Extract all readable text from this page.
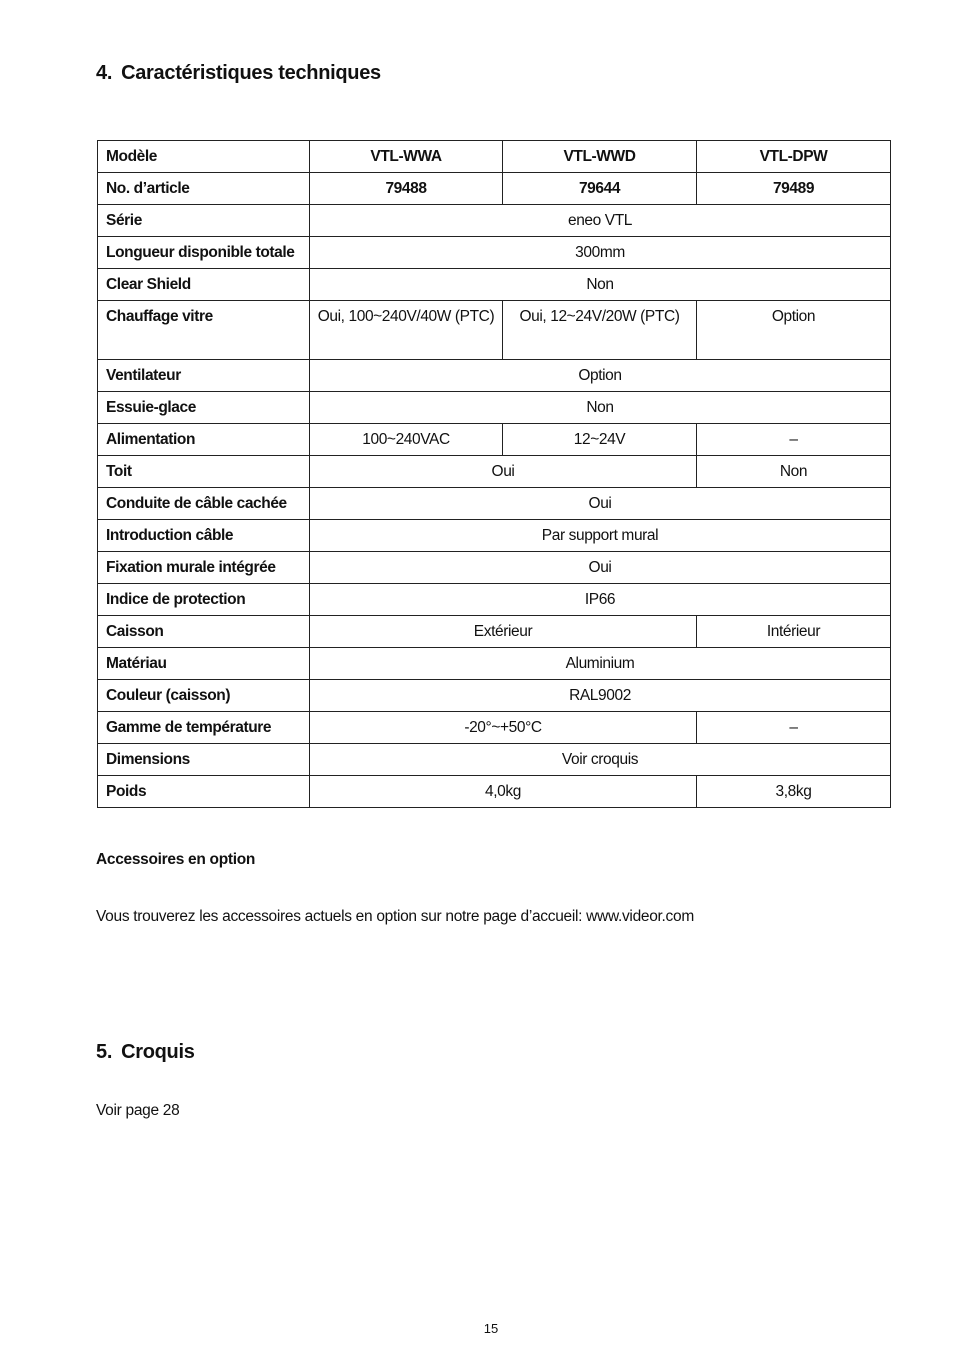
4. Caractéristiques techniques
Modèle	VTL-WWA	VTL-WWD	VTL-DPW
No. d’article	79488	79644	79489
Série	eneo VTL		
Longueur disponible totale	300mm		
Clear Shield	Non		
Chauffage vitre	Oui, 100~240V/40W (PTC)	Oui, 12~24V/20W (PTC)	Option
Ventilateur	Option		
Essuie-glace	Non		
Alimentation	100~240VAC	12~24V	–
Toit	Oui		Non
Conduite de câble cachée	Oui		
Introduction câble	Par support mural		
Fixation murale intégrée	Oui		
Indice de protection	IP66		
Caisson	Extérieur		Intérieur
Matériau	Aluminium		
Couleur (caisson)	RAL9002		
Gamme de température	-20°~+50°C		–
Dimensions	Voir croquis		
Poids	4,0kg		3,8kg
Accessoires en option
Vous trouverez les accessoires actuels en option sur notre page d’accueil: www.videor.com
5. Croquis
Voir page 28
15
